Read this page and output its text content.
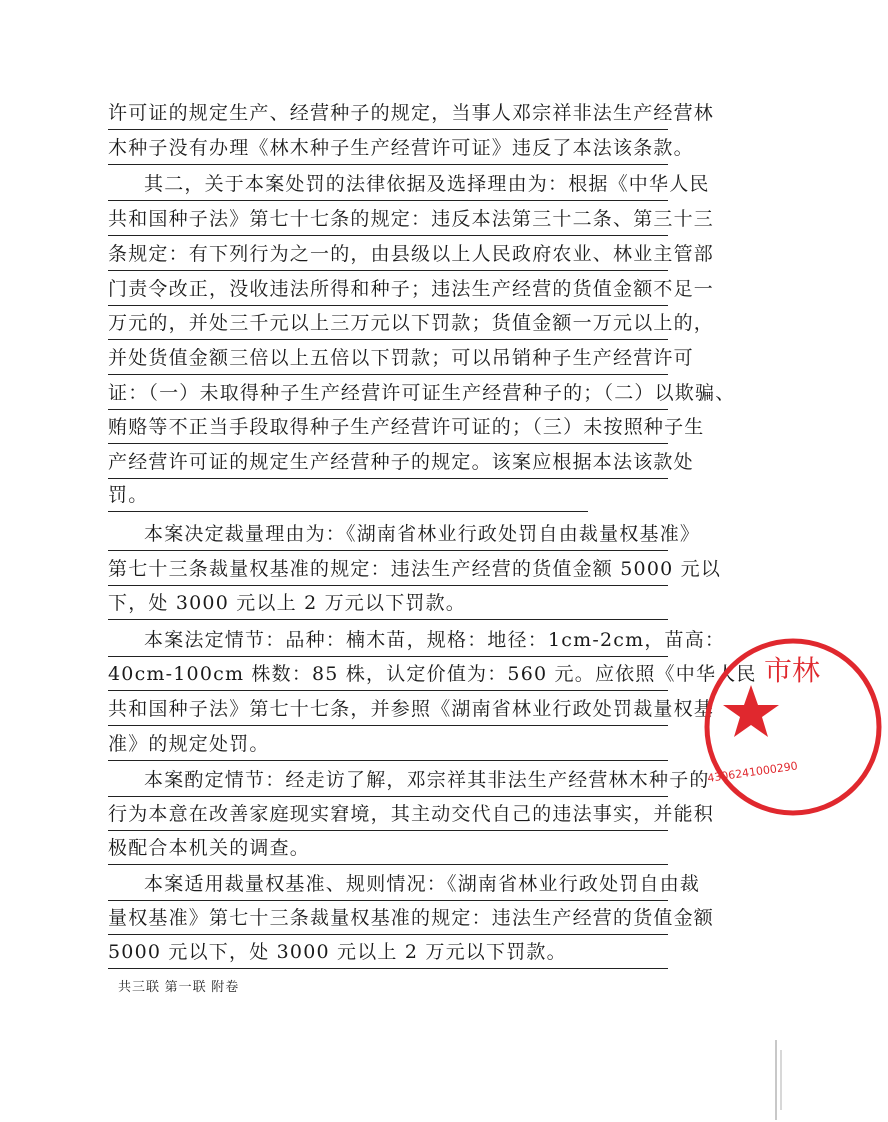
许可证的规定生产、经营种子的规定，当事人邓宗祥非法生产经营林
木种子没有办理《林木种子生产经营许可证》违反了本法该条款。
其二，关于本案处罚的法律依据及选择理由为：根据《中华人民
共和国种子法》第七十七条的规定：违反本法第三十二条、第三十三
条规定：有下列行为之一的，由县级以上人民政府农业、林业主管部
门责令改正，没收违法所得和种子；违法生产经营的货值金额不足一
万元的，并处三千元以上三万元以下罚款；货值金额一万元以上的，
并处货值金额三倍以上五倍以下罚款；可以吊销种子生产经营许可
证：（一）未取得种子生产经营许可证生产经营种子的；（二）以欺骗、
贿赂等不正当手段取得种子生产经营许可证的；（三）未按照种子生
产经营许可证的规定生产经营种子的规定。该案应根据本法该款处
罚。
本案决定裁量理由为：《湖南省林业行政处罚自由裁量权基准》
第七十三条裁量权基准的规定：违法生产经营的货值金额 5000 元以
下，处 3000 元以上 2 万元以下罚款。
本案法定情节：品种：楠木苗，规格：地径：1cm-2cm，苗高：
40cm-100cm 株数：85 株，认定价值为：560 元。应依照《中华人民
共和国种子法》第七十七条，并参照《湖南省林业行政处罚裁量权基
准》的规定处罚。
本案酌定情节：经走访了解，邓宗祥其非法生产经营林木种子的
行为本意在改善家庭现实窘境，其主动交代自己的违法事实，并能积
极配合本机关的调查。
本案适用裁量权基准、规则情况：《湖南省林业行政处罚自由裁
量权基准》第七十三条裁量权基准的规定：违法生产经营的货值金额
5000 元以下，处 3000 元以上 2 万元以下罚款。
共三联 第一联 附卷
市林
4306241000290
